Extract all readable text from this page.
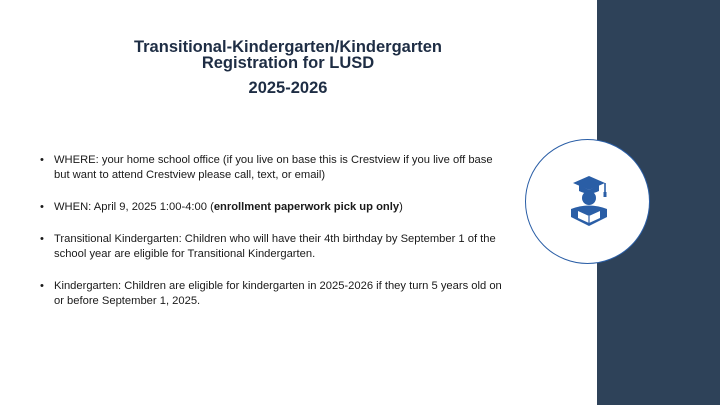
Transitional-Kindergarten/Kindergarten
Registration for LUSD
2025-2026
• WHERE: your home school office (if you live on base this is Crestview if you live off base but want to attend Crestview please call, text, or email)
• WHEN: April 9, 2025 1:00-4:00 (enrollment paperwork pick up only)
• Transitional Kindergarten: Children who will have their 4th birthday by September 1 of the school year are eligible for Transitional Kindergarten.
• Kindergarten: Children are eligible for kindergarten in 2025-2026 if they turn 5 years old on or before September 1, 2025.
